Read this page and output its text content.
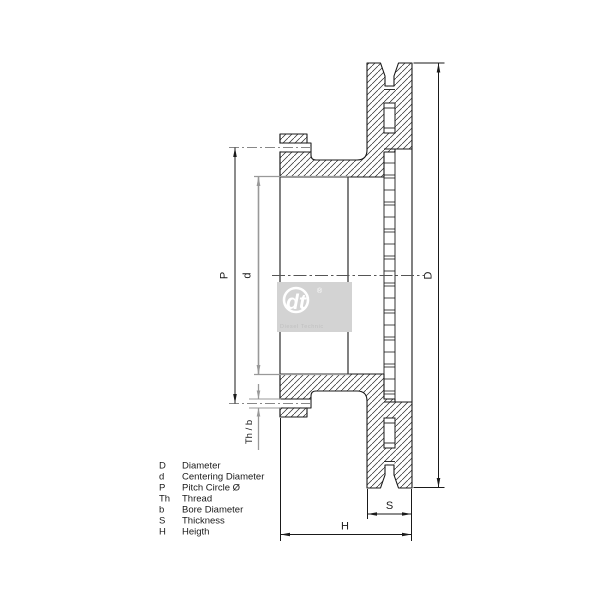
P d
Th / b
D
S
H
dt ®
Diesel Technic
D Diameter
d Centering Diameter
P Pitch Circle Ø
Th Thread
b Bore Diameter
S Thickness
H Heigth
